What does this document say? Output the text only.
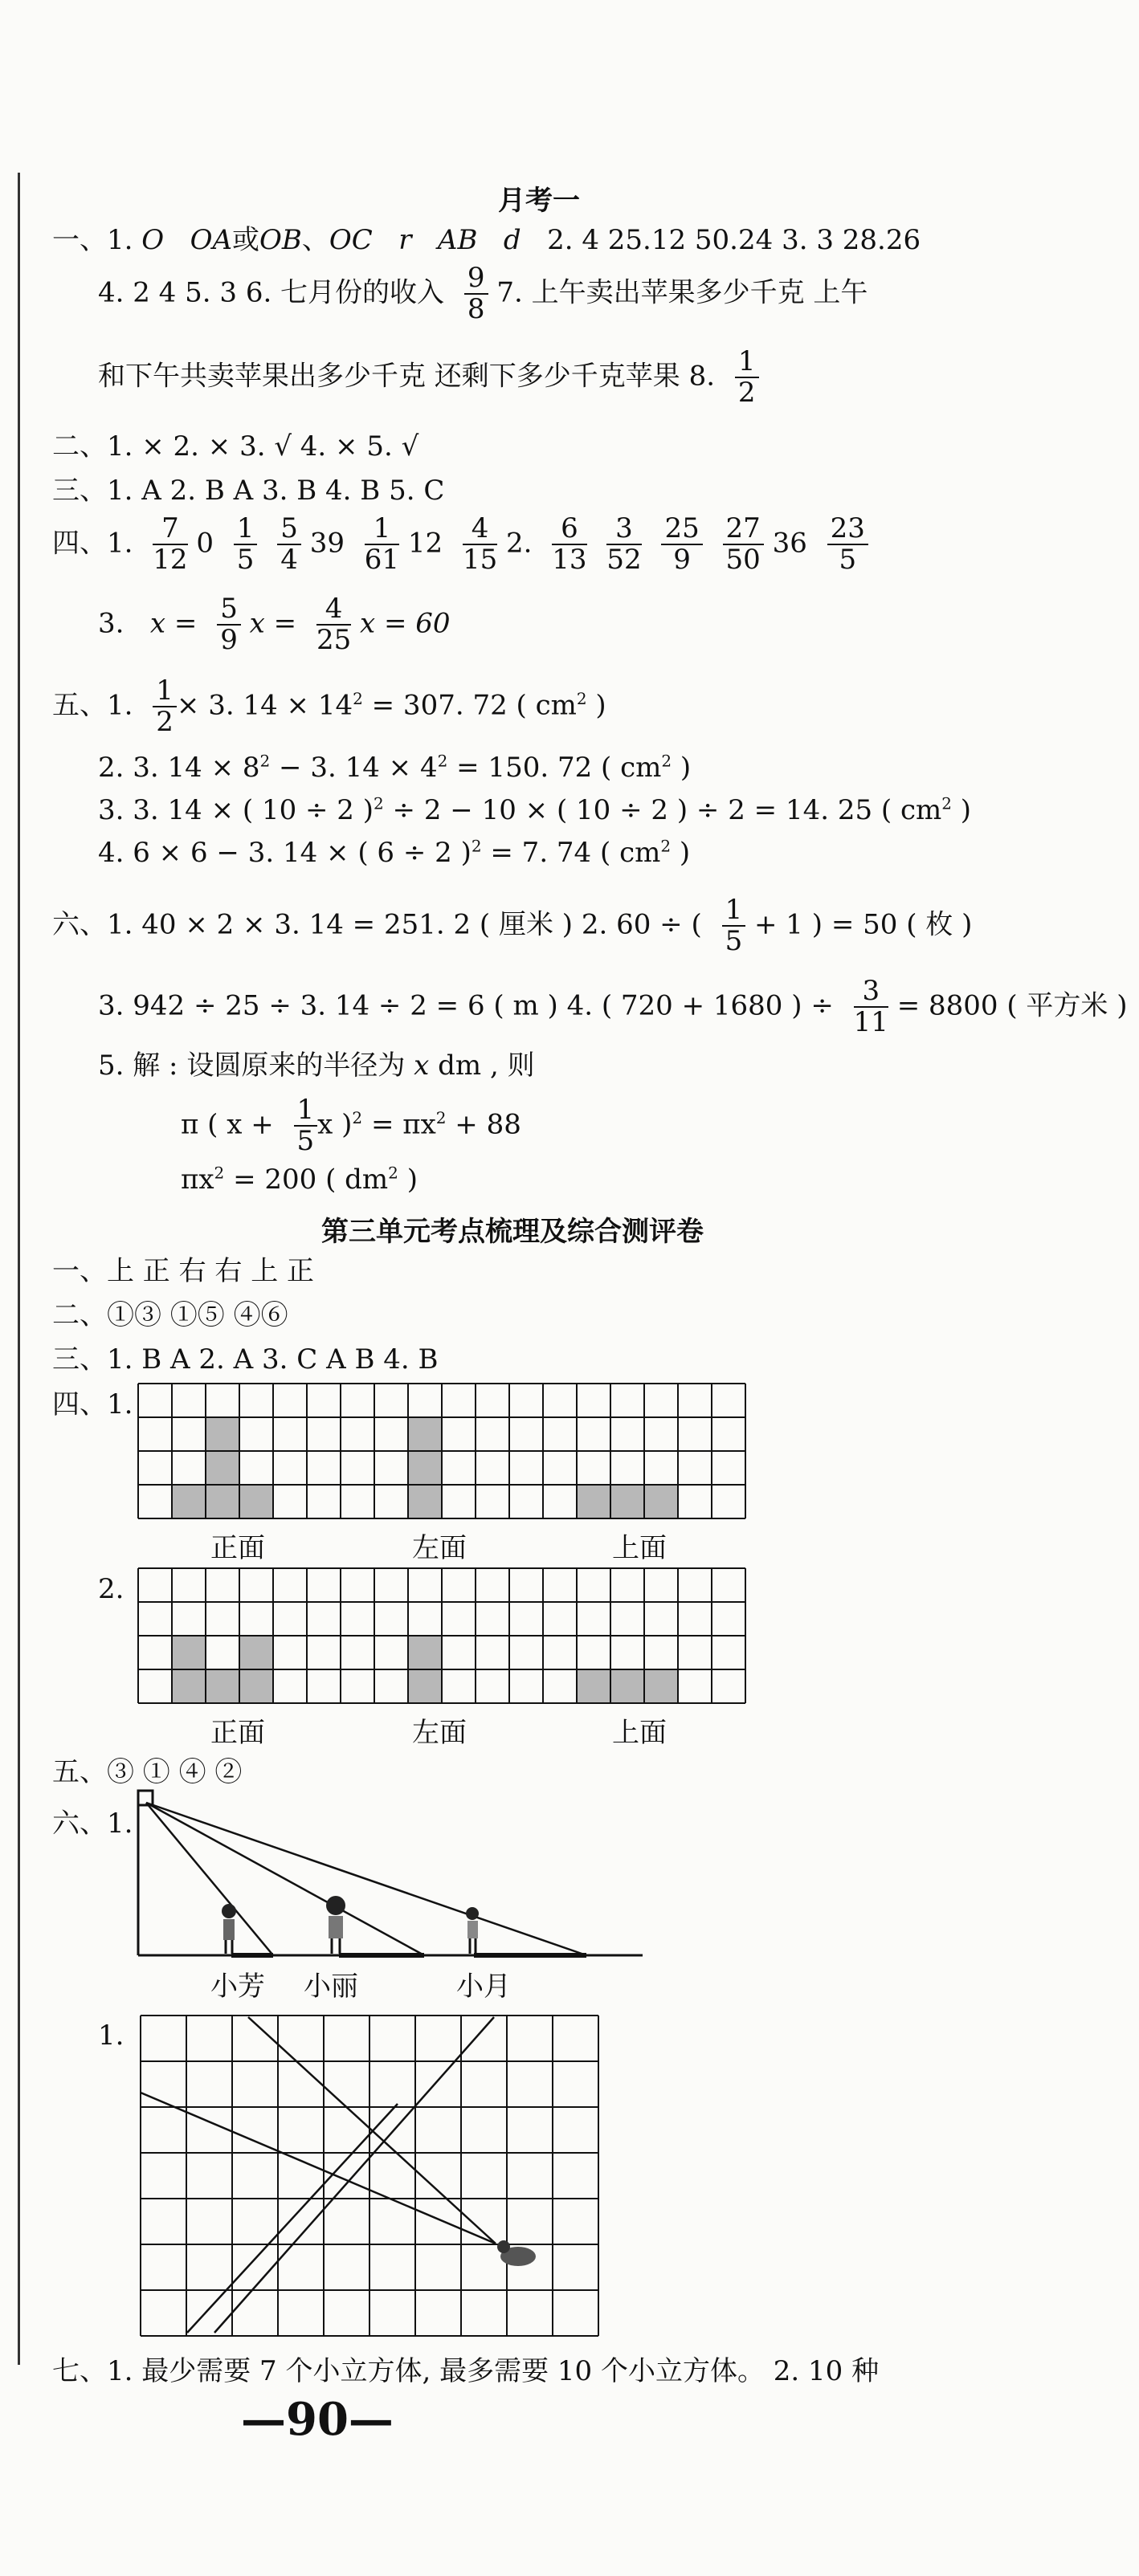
月考一
一、1. O OA或OB、OC r AB d 2. 4 25.12 50.24 3. 3 28.26
4. 2 4 5. 3 6. 七月份的收入 $\frac{9}{8} 7$. 上午卖出苹果多少千克 上午
和下午共卖苹果出多少千克 还剩下多少千克苹果 8. $\frac{1}{2}$
二、1. × 2. × 3. √ 4. × 5. √
三、1. A 2. B A 3. B 4. B 5. C
四、1. $\frac{7}{12} 0 \frac{1}{5}$
$\frac{5}{4} 39 \frac{1}{61} 12 \frac{4}{15} 2$. $\frac{6}{13}$
$\frac{3}{52}$
$\frac{25}{9}$
$\frac{27}{50} 36 \frac{23}{5}$
3. $x = \frac{5}{9}$ $x = \frac{4}{25}$ x = 60
五、1. $\frac{1}{2} \times 3$. $14 \times 14^2 = 307$. 72 ( $cm^2$ )
2. 3. $14 \times 8^2 - 3$. $14 \times 4^2 = 150$. 72 ( $cm^2$ )
3. 3. 14 × ( 10 ÷ 2 )$^2$ ÷ 2 − 10 × ( 10 ÷ 2 ) ÷ 2 = 14. 25 ( $cm^2$ )
4. 6 × 6 − 3. 14 × ( 6 ÷ 2 )$^2$ = 7. 74 ( $cm^2$ )
六、1. 40 × 2 × 3. 14 = 251. 2 ( 厘米 ) 2. 60 ÷ ( $\frac{1}{5} + 1$ ) = 50 ( 枚 )
3. 942 ÷ 25 ÷ 3. 14 ÷ 2 = 6 ( m ) 4. ( 720 + 1680 ) ÷ $\frac{3}{11} = 8800$ ( 平方米 )
5. 解 : 设圆原来的半径为 x dm , 则
π ( $x + \frac{1}{5}$ x )$^2 = \pi x^2 + 88$
$\pi x^2 = 200$ ( $dm^2$ )
第三单元考点梳理及综合测评卷
一、上 正 右 右 上 正
二、①③ ①⑤ ④⑥
三、1. B A 2. A 3. C A B 4. B
四、1.
正面	左面	上面
2.
正面	左面	上面
五、③ ① ④ ②
六、1.
小芳 小丽	小月
1.
七、1. 最少需要 7 个小立方体, 最多需要 10 个小立方体。 2. 10 种
—90—
